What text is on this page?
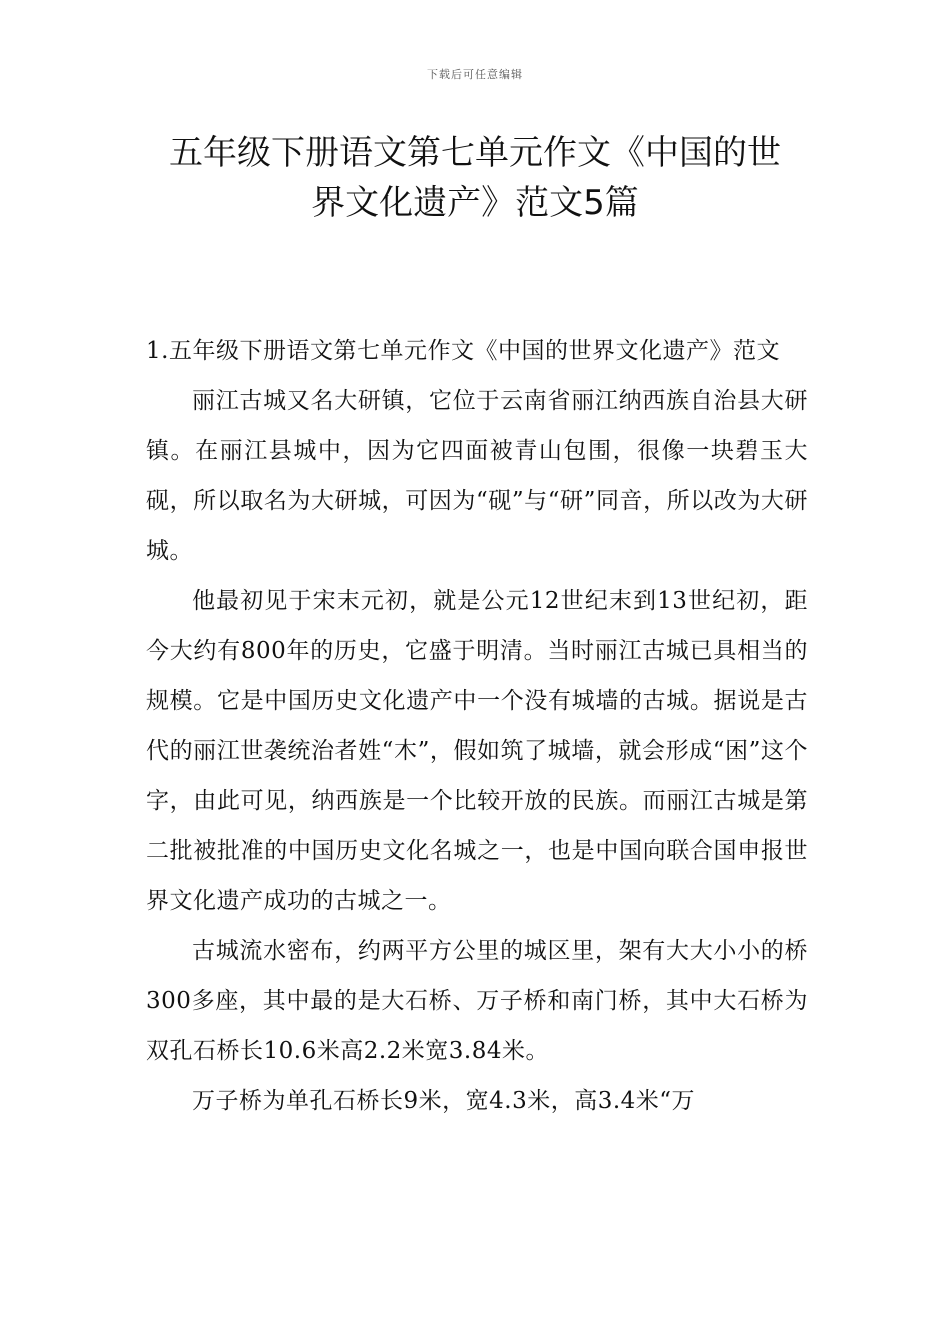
下载后可任意编辑
五年级下册语文第七单元作文《中国的世
界文化遗产》范文5篇

1.五年级下册语文第七单元作文《中国的世界文化遗产》范文

丽江古城又名大研镇，它位于云南省丽江纳西族自治县大研镇。在丽江县城中，因为它四面被青山包围，很像一块碧玉大砚，所以取名为大研城，可因为“砚”与“研”同音，所以改为大研城。

他最初见于宋末元初，就是公元12世纪末到13世纪初，距今大约有800年的历史，它盛于明清。当时丽江古城已具相当的规模。它是中国历史文化遗产中一个没有城墙的古城。据说是古代的丽江世袭统治者姓“木”，假如筑了城墙，就会形成“困”这个字，由此可见，纳西族是一个比较开放的民族。而丽江古城是第二批被批准的中国历史文化名城之一，也是中国向联合国申报世界文化遗产成功的古城之一。

古城流水密布，约两平方公里的城区里，架有大大小小的桥300多座，其中最的是大石桥、万子桥和南门桥，其中大石桥为双孔石桥长10.6米高2.2米宽3.84米。

万子桥为单孔石桥长9米，宽4.3米，高3.4米“万
